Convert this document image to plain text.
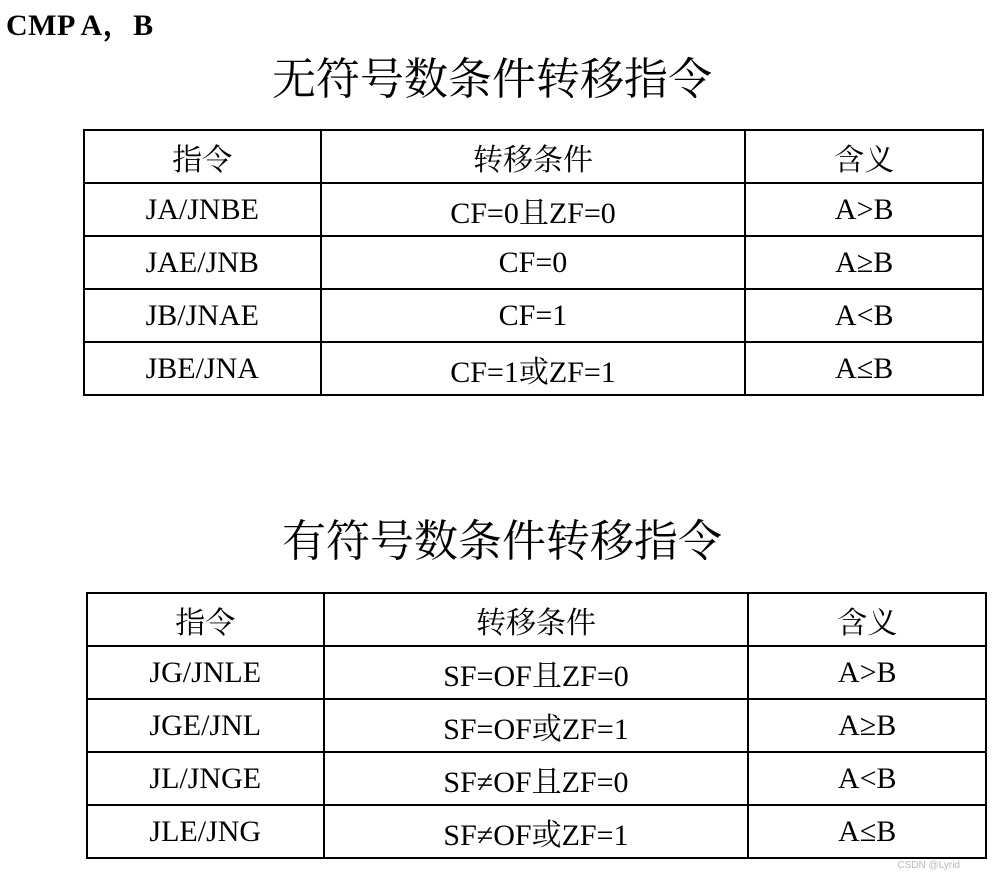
CMP A，B
无符号数条件转移指令
指令	转移条件	含义
JA/JNBE	CF=0且ZF=0	A>B
JAE/JNB	CF=0	A≥B
JB/JNAE	CF=1	A<B
JBE/JNA	CF=1或ZF=1	A≤B
有符号数条件转移指令
指令	转移条件	含义
JG/JNLE	SF=OF且ZF=0	A>B
JGE/JNL	SF=OF或ZF=1	A≥B
JL/JNGE	SF≠OF且ZF=0	A<B
JLE/JNG	SF≠OF或ZF=1	A≤B
CSDN @Lyrid
